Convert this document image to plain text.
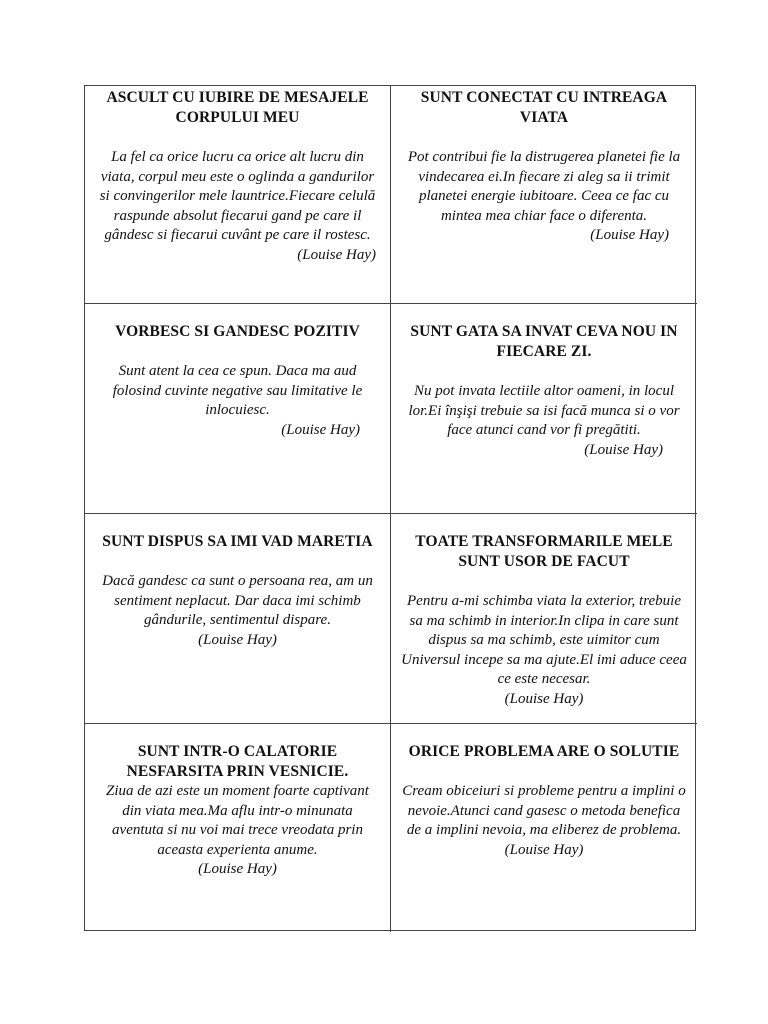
ASCULT CU IUBIRE DE MESAJELE CORPULUI MEU

La fel ca orice lucru ca orice alt lucru din viata, corpul meu este o oglinda a gandurilor si convingerilor mele launtrice.Fiecare celulă raspunde absolut fiecarui gand pe care il gândesc si fiecarui cuvânt pe care il rostesc.

(Louise Hay)

SUNT CONECTAT CU INTREAGA VIATA

Pot contribui fie la distrugerea planetei fie la vindecarea ei.In fiecare zi aleg sa ii trimit planetei energie iubitoare. Ceea ce fac cu mintea mea chiar face o diferenta.

(Louise Hay)

VORBESC SI GANDESC POZITIV

Sunt atent la cea ce spun. Daca ma aud folosind cuvinte negative sau limitative le inlocuiesc.

(Louise Hay)

SUNT GATA SA INVAT CEVA NOU IN FIECARE ZI.

Nu pot invata lectiile altor oameni, in locul lor.Ei înşişi trebuie sa isi facă munca si o vor face atunci cand vor fi pregătiti.

(Louise Hay)

SUNT DISPUS SA IMI VAD MARETIA

Dacă gandesc ca sunt o persoana rea, am un sentiment neplacut. Dar daca imi schimb gândurile, sentimentul dispare.

(Louise Hay)

TOATE TRANSFORMARILE MELE SUNT USOR DE FACUT

Pentru a-mi schimba viata la exterior, trebuie sa ma schimb in interior.In clipa in care sunt dispus sa ma schimb, este uimitor cum Universul incepe sa ma ajute.El imi aduce ceea ce este necesar.

(Louise Hay)

SUNT INTR-O CALATORIE NESFARSITA PRIN VESNICIE.

Ziua de azi este un moment foarte captivant din viata mea.Ma aflu intr-o minunata aventuta si nu voi mai trece vreodata prin aceasta experienta anume.

(Louise Hay)

ORICE PROBLEMA ARE O SOLUTIE

Cream obiceiuri si probleme pentru a implini o nevoie.Atunci cand gasesc o metoda benefica de a implini nevoia, ma eliberez de problema.

(Louise Hay)
